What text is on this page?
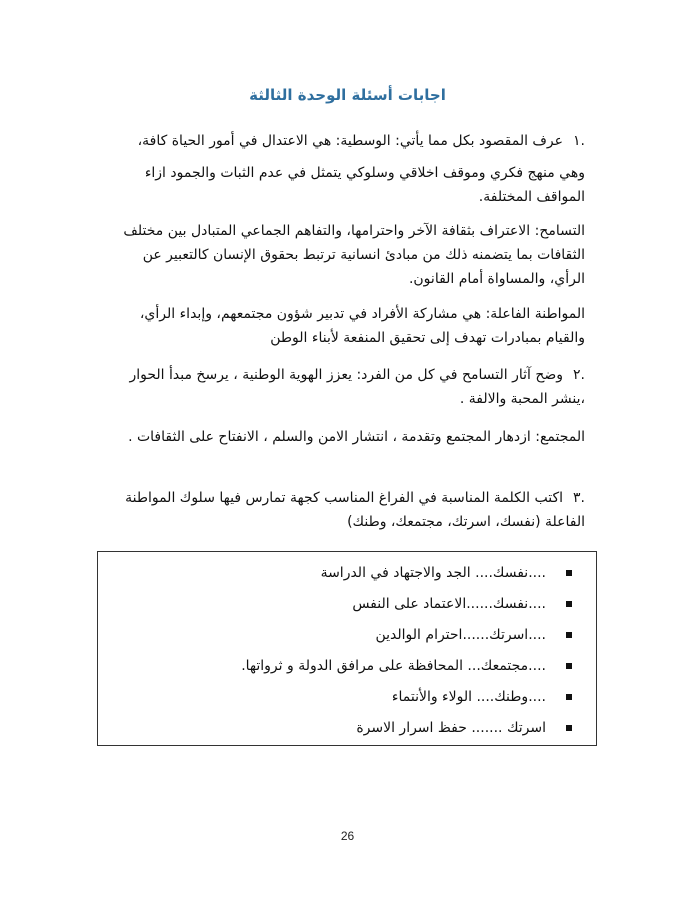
اجابات أسئلة الوحدة الثالثة
.١عرف المقصود بكل مما يأتي: الوسطية: هي الاعتدال في أمور الحياة كافة،
وهي منهج فكري وموقف اخلاقي وسلوكي يتمثل في عدم الثبات والجمود ازاء المواقف المختلفة.
التسامح: الاعتراف بثقافة الآخر واحترامها، والتفاهم الجماعي المتبادل بين مختلف الثقافات بما يتضمنه ذلك من مبادئ انسانية ترتبط بحقوق الإنسان كالتعبير عن الرأي، والمساواة أمام القانون.
المواطنة الفاعلة: هي مشاركة الأفراد في تدبير شؤون مجتمعهم، وإبداء الرأي، والقيام بمبادرات تهدف إلى تحقيق المنفعة لأبناء الوطن
.٢وضح آثار التسامح في كل من الفرد: يعزز الهوية الوطنية ، يرسخ مبدأ الحوار ،ينشر المحبة والالفة .
المجتمع: ازدهار المجتمع وتقدمة ، انتشار الامن والسلم ، الانفتاح على الثقافات .
.٣اكتب الكلمة المناسبة في الفراغ المناسب كجهة تمارس فيها سلوك المواطنة الفاعلة (نفسك، اسرتك، مجتمعك، وطنك)
....نفسك.... الجد والاجتهاد في الدراسة
....نفسك......الاعتماد على النفس
....اسرتك......احترام الوالدين
....مجتمعك... المحافظة على مرافق الدولة و ثرواتها.
....وطنك.... الولاء والأنتماء
اسرتك ....... حفظ اسرار الاسرة
26
